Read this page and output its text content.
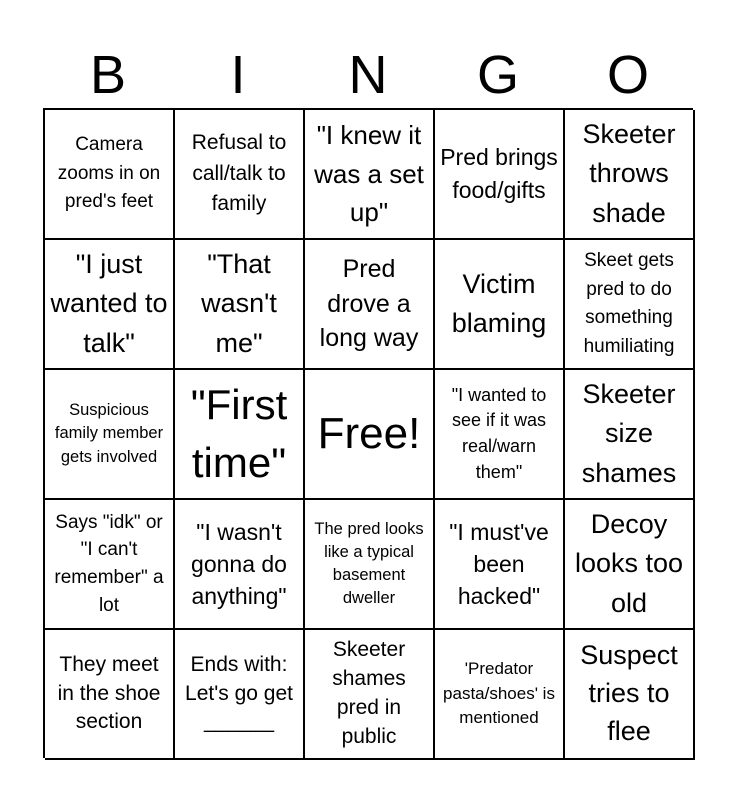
B	I	N	G	O
Camera zooms in on pred's feet
Refusal to call/talk to family
"I knew it was a set up"
Pred brings food/gifts
Skeeter throws shade
"I just wanted to talk"
"That wasn't me"
Pred drove a long way
Victim blaming
Skeet gets pred to do something humiliating
Suspicious family member gets involved
"First time"
Free!
"I wanted to see if it was real/warn them"
Skeeter size shames
Says "idk" or "I can't remember" a lot
"I wasn't gonna do anything"
The pred looks like a typical basement dweller
"I must've been hacked"
Decoy looks too old
They meet in the shoe section
Ends with: Let's go get ______
Skeeter shames pred in public
'Predator pasta/shoes' is mentioned
Suspect tries to flee
